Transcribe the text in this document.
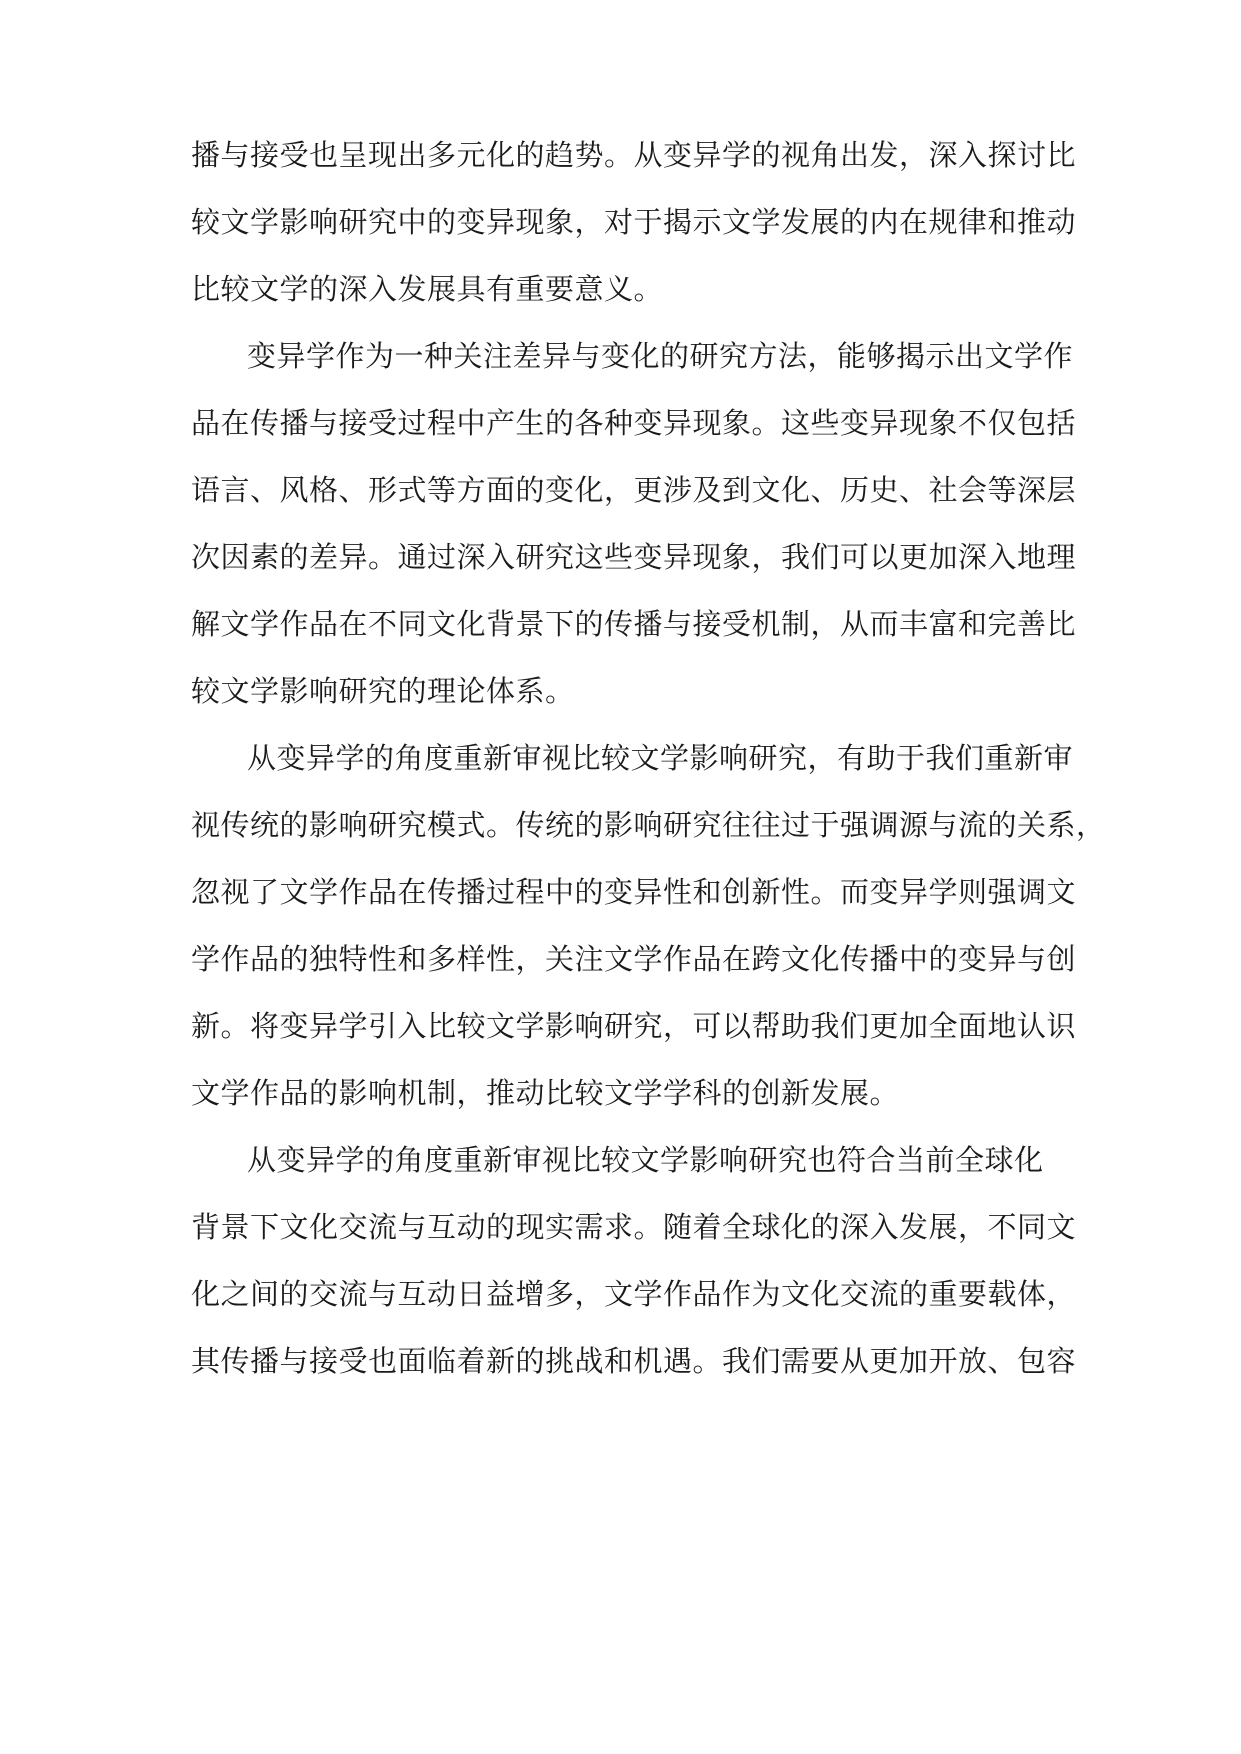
播与接受也呈现出多元化的趋势。从变异学的视角出发，深入探讨比
较文学影响研究中的变异现象，对于揭示文学发展的内在规律和推动
比较文学的深入发展具有重要意义。
变异学作为一种关注差异与变化的研究方法，能够揭示出文学作
品在传播与接受过程中产生的各种变异现象。这些变异现象不仅包括
语言、风格、形式等方面的变化，更涉及到文化、历史、社会等深层
次因素的差异。通过深入研究这些变异现象，我们可以更加深入地理
解文学作品在不同文化背景下的传播与接受机制，从而丰富和完善比
较文学影响研究的理论体系。
从变异学的角度重新审视比较文学影响研究，有助于我们重新审
视传统的影响研究模式。传统的影响研究往往过于强调源与流的关系，
忽视了文学作品在传播过程中的变异性和创新性。而变异学则强调文
学作品的独特性和多样性，关注文学作品在跨文化传播中的变异与创
新。将变异学引入比较文学影响研究，可以帮助我们更加全面地认识
文学作品的影响机制，推动比较文学学科的创新发展。
从变异学的角度重新审视比较文学影响研究也符合当前全球化
背景下文化交流与互动的现实需求。随着全球化的深入发展，不同文
化之间的交流与互动日益增多，文学作品作为文化交流的重要载体，
其传播与接受也面临着新的挑战和机遇。我们需要从更加开放、包容
